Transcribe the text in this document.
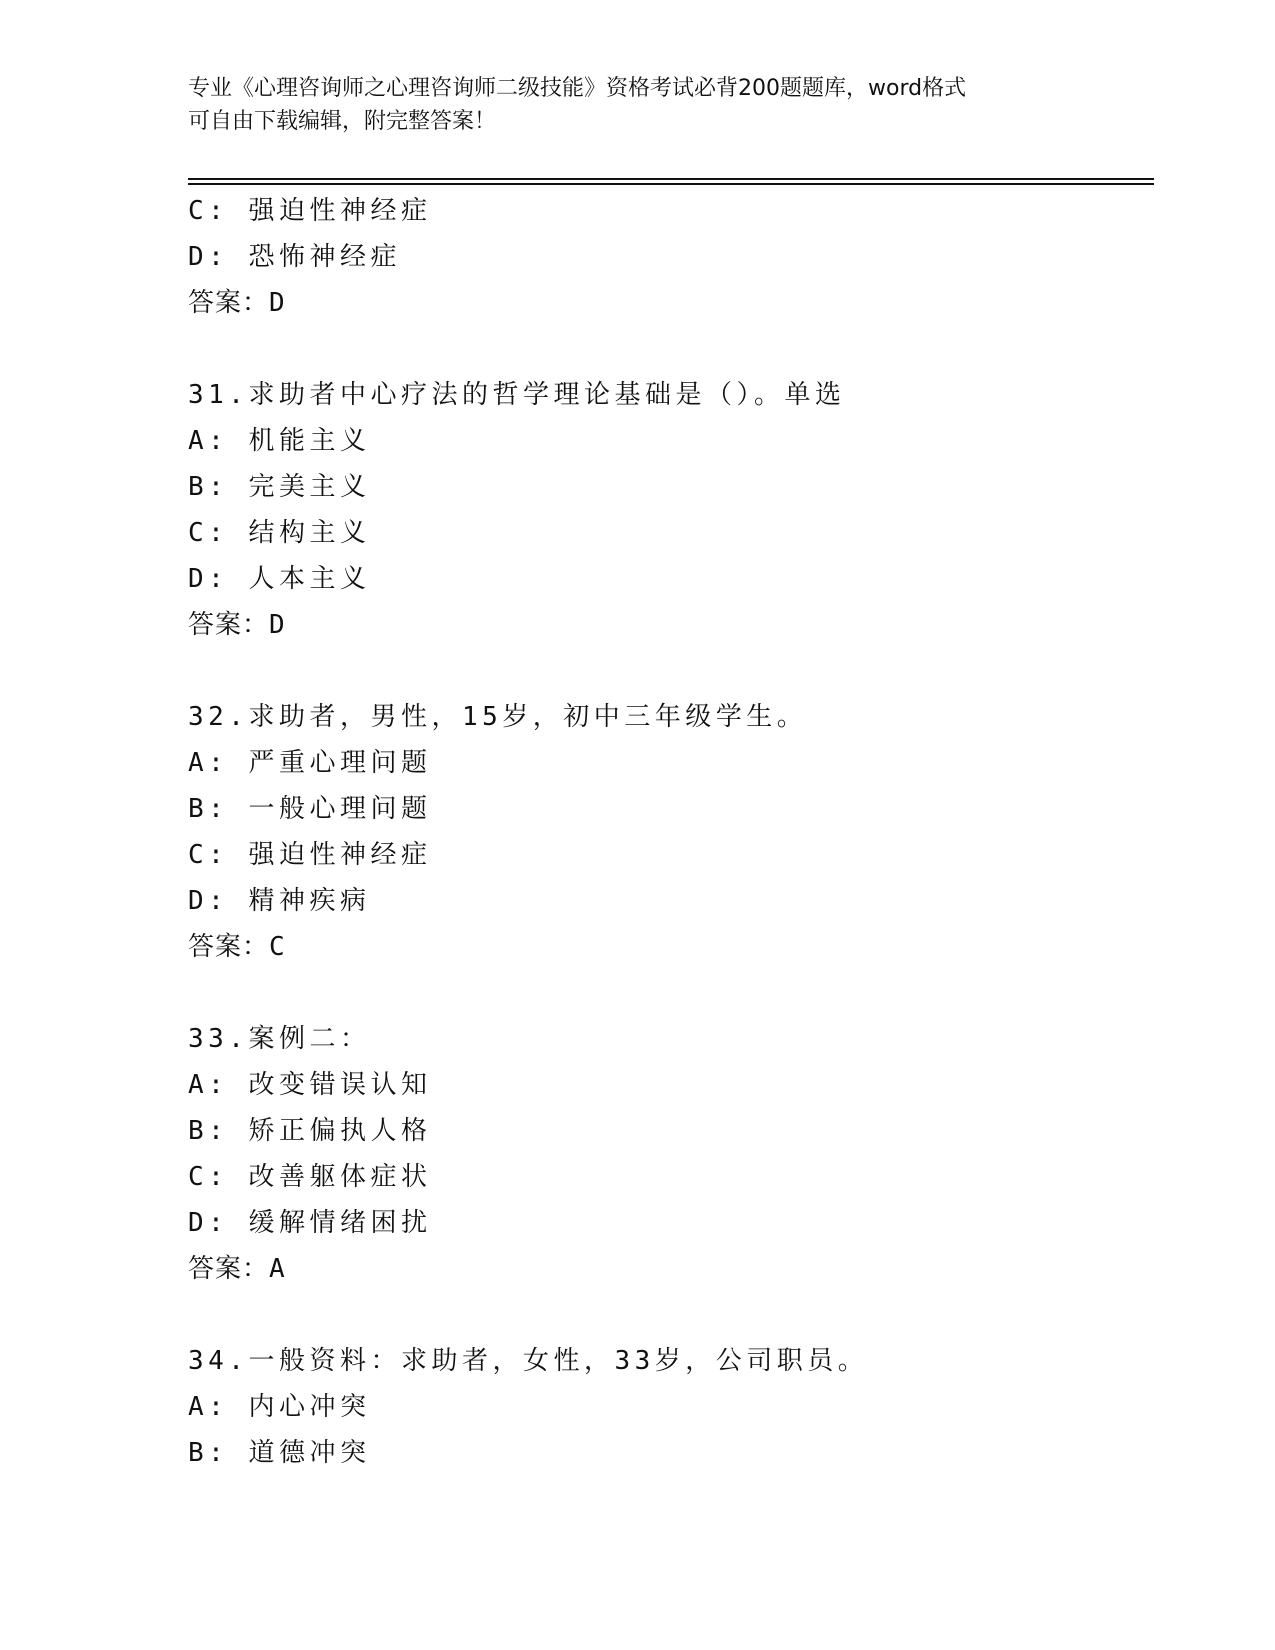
专业《心理咨询师之心理咨询师二级技能》资格考试必背200题题库，word格式
可自由下载编辑，附完整答案！
C: 强迫性神经症
D: 恐怖神经症
答案：D
31.求助者中心疗法的哲学理论基础是（）。单选
A: 机能主义
B: 完美主义
C: 结构主义
D: 人本主义
答案：D
32.求助者，男性，15岁，初中三年级学生。
A: 严重心理问题
B: 一般心理问题
C: 强迫性神经症
D: 精神疾病
答案：C
33.案例二：
A: 改变错误认知
B: 矫正偏执人格
C: 改善躯体症状
D: 缓解情绪困扰
答案：A
34.一般资料：求助者，女性，33岁，公司职员。
A: 内心冲突
B: 道德冲突
